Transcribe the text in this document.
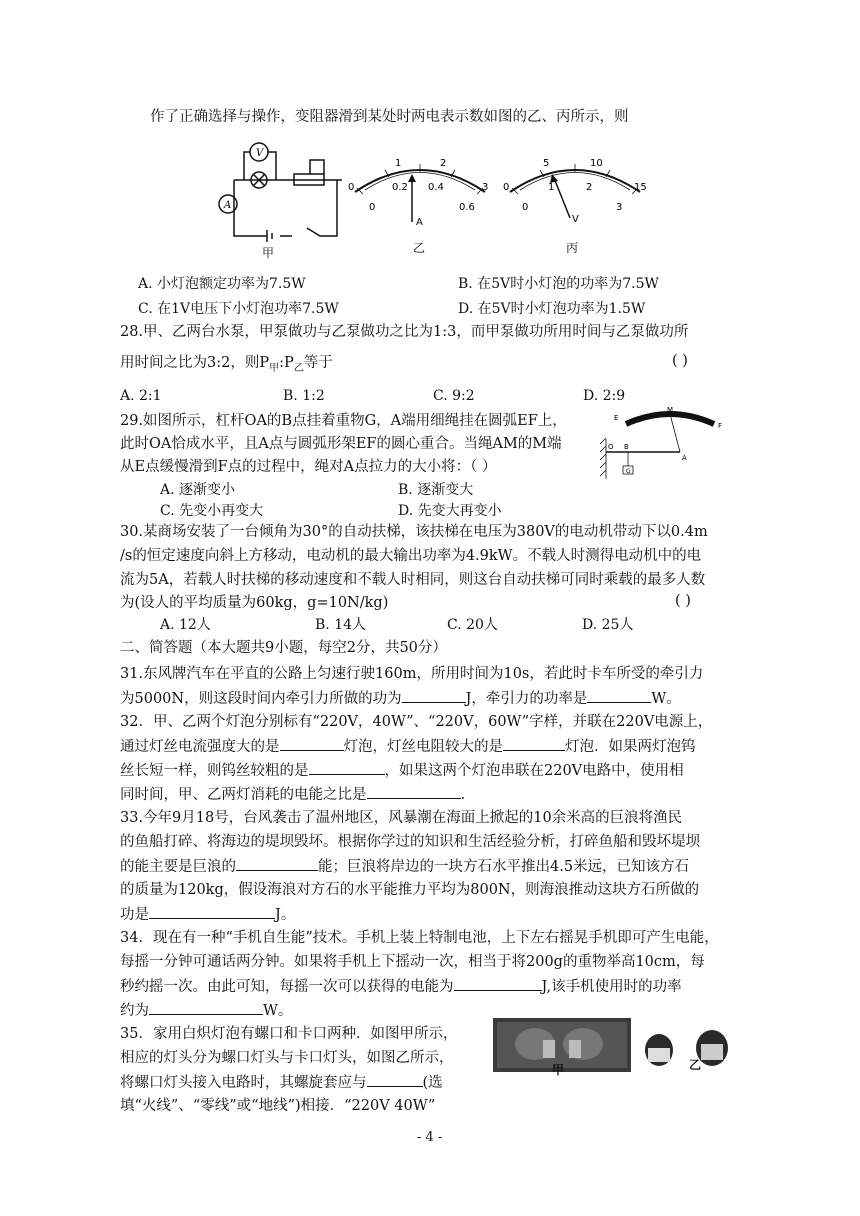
作了正确选择与操作，变阻器滑到某处时两电表示数如图的乙、丙所示，则
V
A
甲
1	2
0.2 0.4
0
0	0.6
3
A
乙
5	10
1	2
0
0	3
15
V
丙
A. 小灯泡额定功率为7.5W	B. 在5V时小灯泡的功率为7.5W
C. 在1V电压下小灯泡功率7.5W	D. 在5V时小灯泡功率为1.5W
28.甲、乙两台水泵，甲泵做功与乙泵做功之比为1:3，而甲泵做功所用时间与乙泵做功所
用时间之比为3:2，则$P_甲:P_乙$等于	( )
A. 2:1	B. 1:2	C. 9:2	D. 2:9
29.如图所示，杠杆OA的B点挂着重物G，A端用细绳挂在圆弧EF上，
此时OA恰成水平，且A点与圆弧形架EF的圆心重合。当绳AM的M端
从E点缓慢滑到F点的过程中，绳对A点拉力的大小将：（ ）
A. 逐渐变小	B. 逐渐变大
C. 先变小再变大	D. 先变大再变小
E
M
F
O B
A
G
30.某商场安装了一台倾角为30°的自动扶梯，该扶梯在电压为380V的电动机带动下以0.4m
/s的恒定速度向斜上方移动，电动机的最大输出功率为4.9kW。不载人时测得电动机中的电
流为5A，若载人时扶梯的移动速度和不载人时相同，则这台自动扶梯可同时乘载的最多人数
为(设人的平均质量为60kg，g=10N/kg)	( )
A. 12人	B. 14人	C. 20人	D. 25人
二、简答题（本大题共9小题，每空2分，共50分）
31.东风牌汽车在平直的公路上匀速行驶160m，所用时间为10s，若此时卡车所受的牵引力
为5000N，则这段时间内牵引力所做的功为	J，牵引力的功率是	W。
32．甲、乙两个灯泡分别标有“220V，40W”、“220V，60W”字样，并联在220V电源上，
通过灯丝电流强度大的是	灯泡，灯丝电阻较大的是	灯泡．如果两灯泡钨
丝长短一样，则钨丝较粗的是	，如果这两个灯泡串联在220V电路中，使用相
同时间，甲、乙两灯消耗的电能之比是	.
33.今年9月18号，台风袭击了温州地区，风暴潮在海面上掀起的10余米高的巨浪将渔民
的鱼船打碎、将海边的堤坝毁坏。根据你学过的知识和生活经验分析，打碎鱼船和毁坏堤坝
的能主要是巨浪的	能；巨浪将岸边的一块方石水平推出4.5米远，已知该方石
的质量为120kg，假设海浪对方石的水平能推力平均为800N，则海浪推动这块方石所做的
功是	J。
34．现在有一种“手机自生能”技术。手机上装上特制电池，上下左右摇晃手机即可产生电能，
每摇一分钟可通话两分钟。如果将手机上下摇动一次，相当于将200g的重物举高10cm，每
秒约摇一次。由此可知，每摇一次可以获得的电能为	J,该手机使用时的功率
约为	W。
35．家用白炽灯泡有螺口和卡口两种．如图甲所示，
相应的灯头分为螺口灯头与卡口灯头，如图乙所示，
将螺口灯头接入电路时，其螺旋套应与	(选
填“火线”、“零线”或“地线”)相接．“220V 40W”
甲	乙
- 4 -
